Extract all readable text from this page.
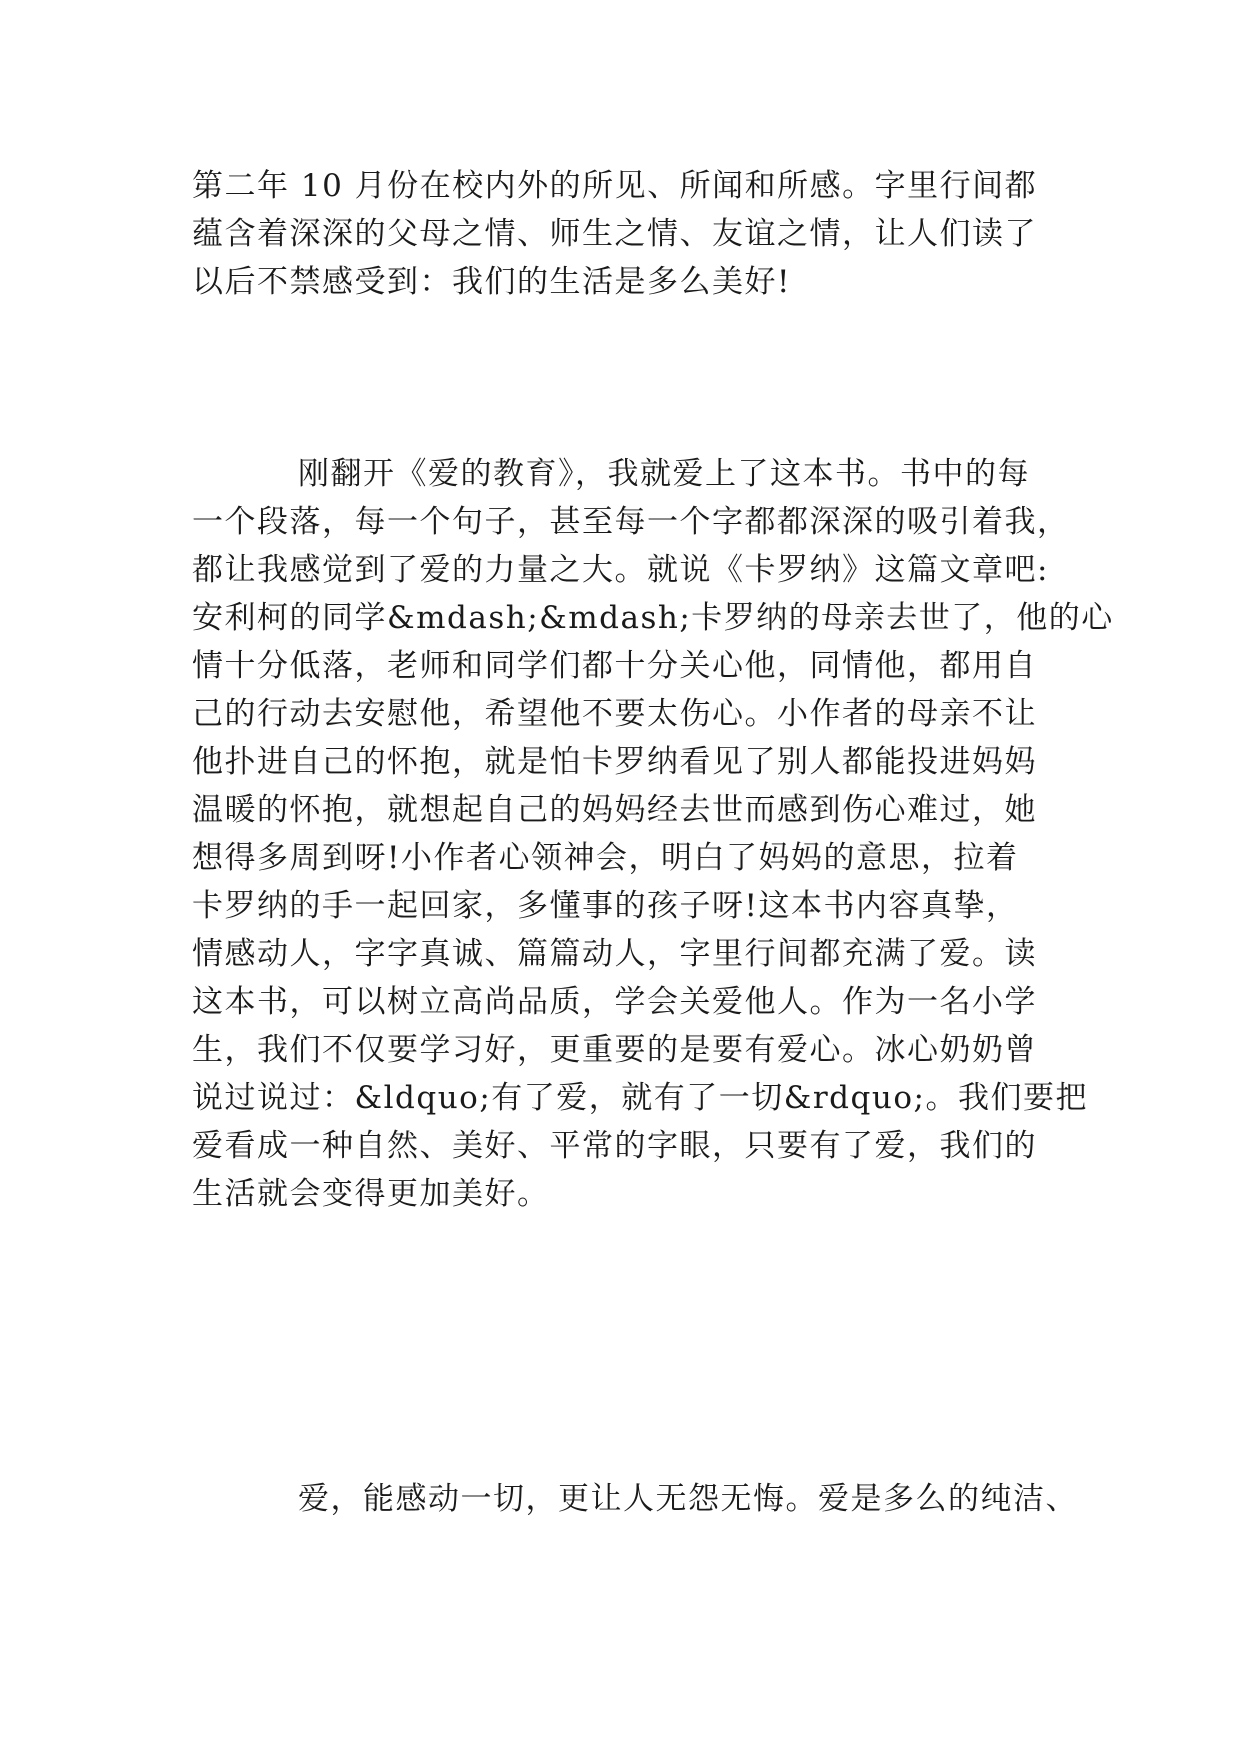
第二年 10 月份在校内外的所见、所闻和所感。字里行间都
蕴含着深深的父母之情、师生之情、友谊之情，让人们读了
以后不禁感受到：我们的生活是多么美好!
刚翻开《爱的教育》，我就爱上了这本书。书中的每
一个段落，每一个句子，甚至每一个字都都深深的吸引着我，
都让我感觉到了爱的力量之大。就说《卡罗纳》这篇文章吧:
安利柯的同学&mdash;&mdash;卡罗纳的母亲去世了，他的心
情十分低落，老师和同学们都十分关心他，同情他，都用自
己的行动去安慰他，希望他不要太伤心。小作者的母亲不让
他扑进自己的怀抱，就是怕卡罗纳看见了别人都能投进妈妈
温暖的怀抱，就想起自己的妈妈经去世而感到伤心难过，她
想得多周到呀!小作者心领神会，明白了妈妈的意思，拉着
卡罗纳的手一起回家，多懂事的孩子呀!这本书内容真挚，
情感动人，字字真诚、篇篇动人，字里行间都充满了爱。读
这本书，可以树立高尚品质，学会关爱他人。作为一名小学
生，我们不仅要学习好，更重要的是要有爱心。冰心奶奶曾
说过说过：&ldquo;有了爱，就有了一切&rdquo;。我们要把
爱看成一种自然、美好、平常的字眼，只要有了爱，我们的
生活就会变得更加美好。
爱，能感动一切，更让人无怨无悔。爱是多么的纯洁、
